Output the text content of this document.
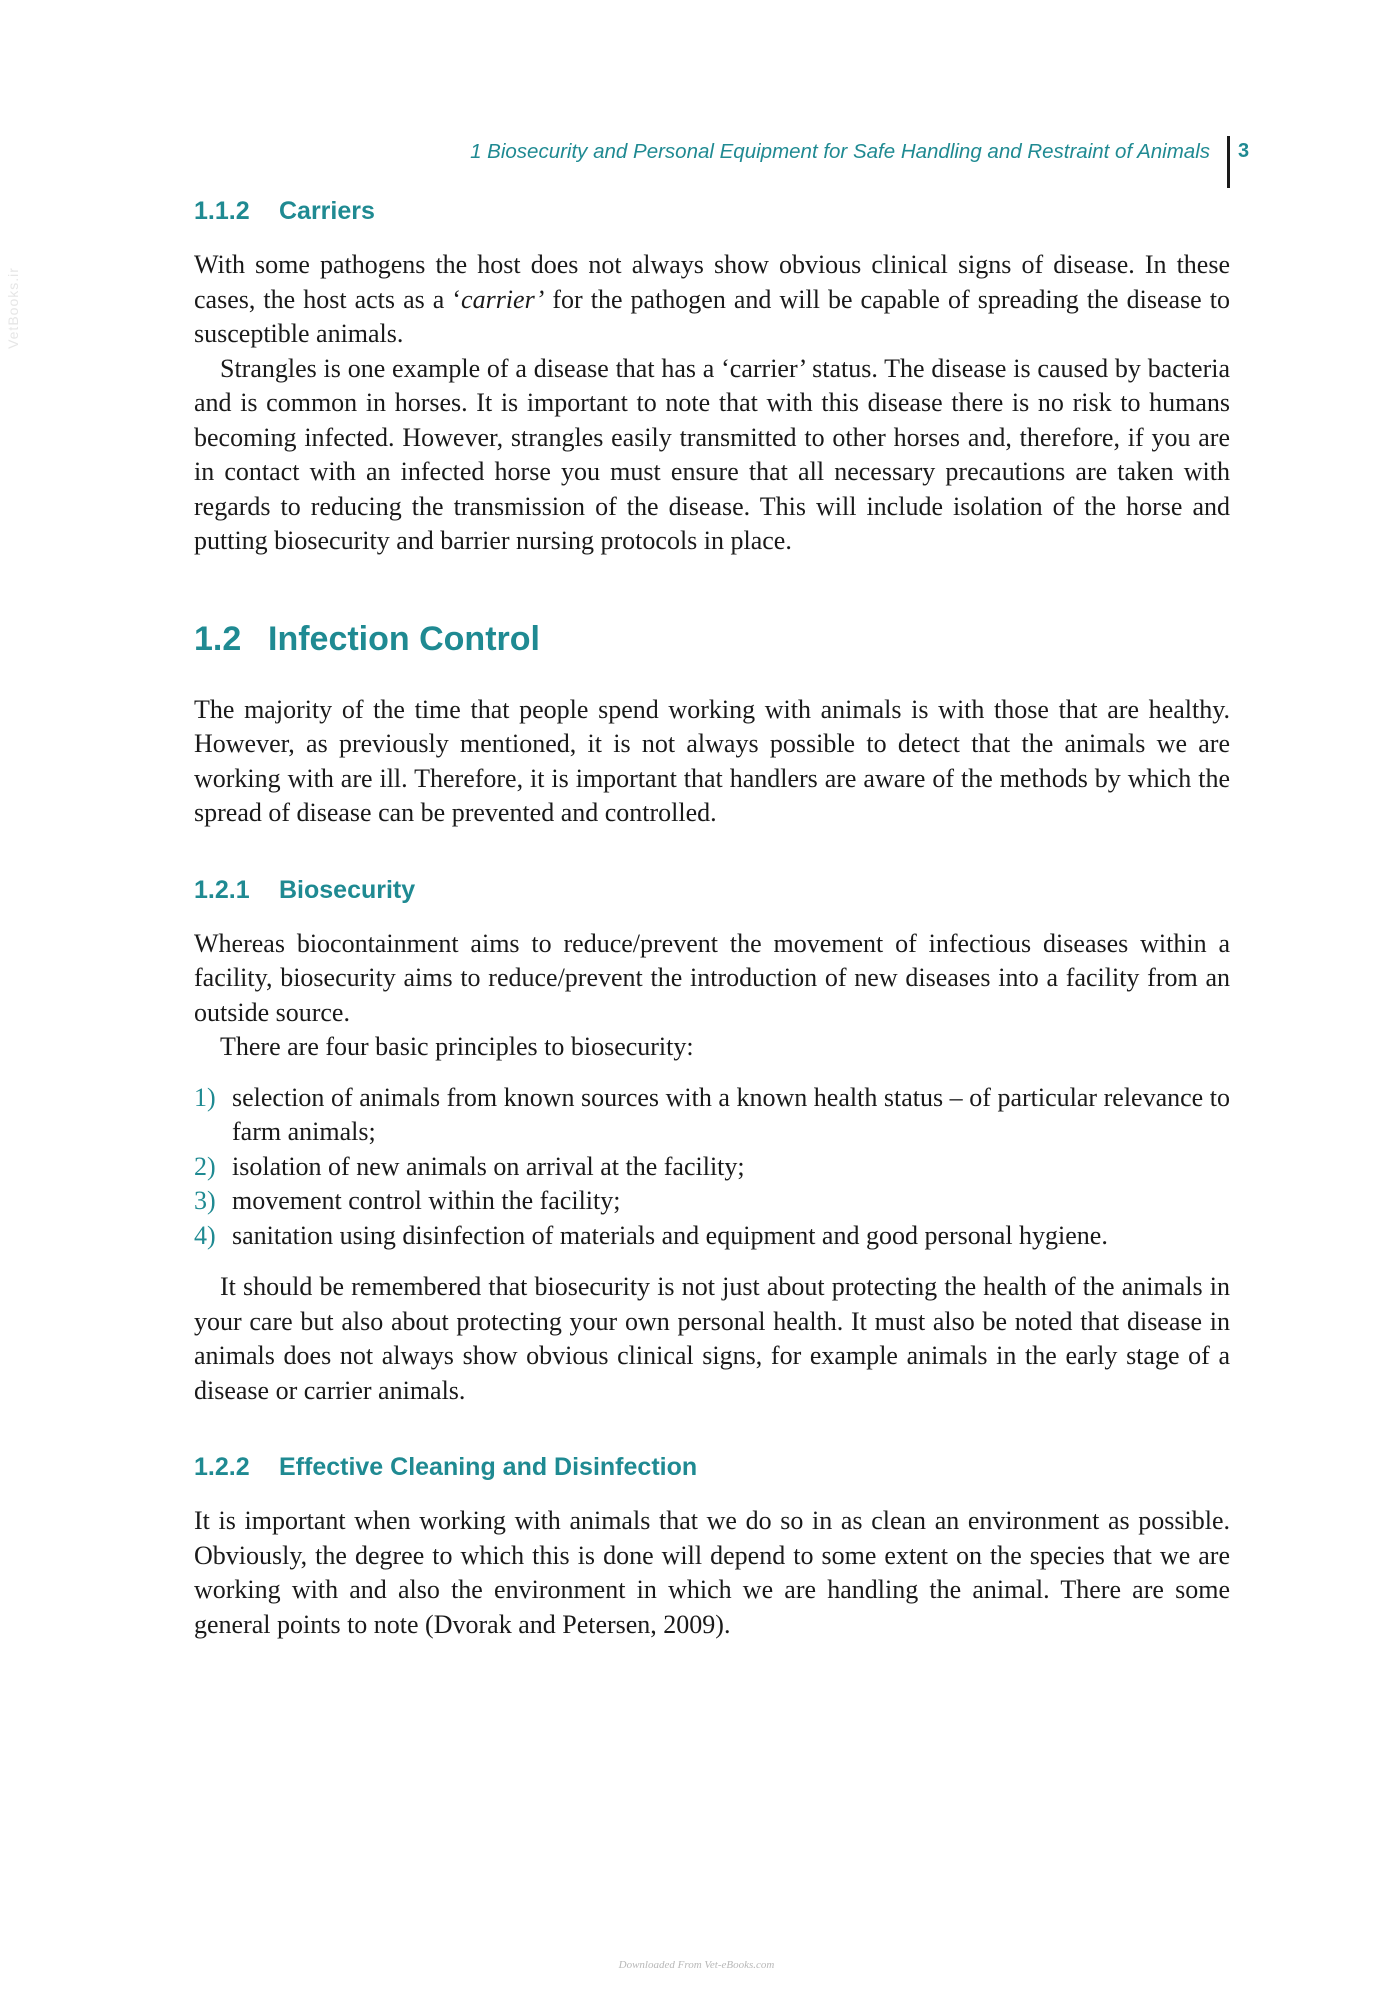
1 Biosecurity and Personal Equipment for Safe Handling and Restraint of Animals 3
VetBooks.ir
1.1.2 Carriers

With some pathogens the host does not always show obvious clinical signs of disease. In these cases, the host acts as a ‘carrier’ for the pathogen and will be capable of spreading the disease to susceptible animals.

Strangles is one example of a disease that has a ‘carrier’ status. The disease is caused by bacteria and is common in horses. It is important to note that with this disease there is no risk to humans becoming infected. However, strangles easily transmitted to other horses and, therefore, if you are in contact with an infected horse you must ensure that all necessary precautions are taken with regards to reducing the transmission of the disease. This will include isolation of the horse and putting biosecurity and barrier nursing protocols in place.

1.2 Infection Control

The majority of the time that people spend working with animals is with those that are healthy. However, as previously mentioned, it is not always possible to detect that the animals we are working with are ill. Therefore, it is important that handlers are aware of the methods by which the spread of disease can be prevented and controlled.

1.2.1 Biosecurity

Whereas biocontainment aims to reduce/prevent the movement of infectious diseases within a facility, biosecurity aims to reduce/prevent the introduction of new diseases into a facility from an outside source.

There are four basic principles to biosecurity:

1) selection of animals from known sources with a known health status – of particular relevance to farm animals;
2) isolation of new animals on arrival at the facility;
3) movement control within the facility;
4) sanitation using disinfection of materials and equipment and good personal hygiene.

It should be remembered that biosecurity is not just about protecting the health of the animals in your care but also about protecting your own personal health. It must also be noted that disease in animals does not always show obvious clinical signs, for example animals in the early stage of a disease or carrier animals.

1.2.2 Effective Cleaning and Disinfection

It is important when working with animals that we do so in as clean an environment as possible. Obviously, the degree to which this is done will depend to some extent on the species that we are working with and also the environment in which we are handling the animal. There are some general points to note (Dvorak and Petersen, 2009).

Downloaded From Vet-eBooks.com
